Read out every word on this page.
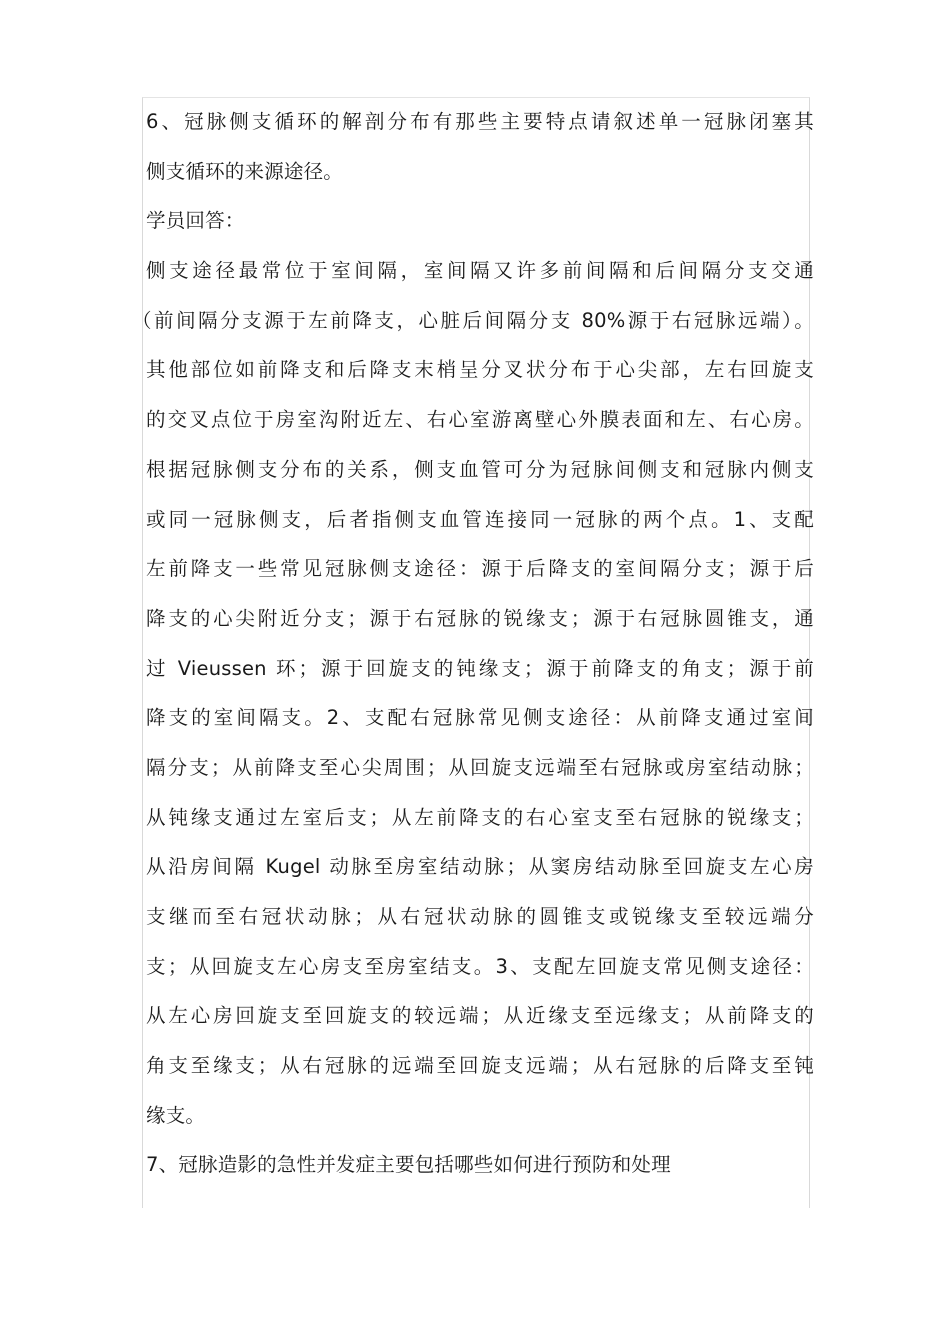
6、冠脉侧支循环的解剖分布有那些主要特点请叙述单一冠脉闭塞其
侧支循环的来源途径。
学员回答：
侧支途径最常位于室间隔，室间隔又许多前间隔和后间隔分支交通
（前间隔分支源于左前降支，心脏后间隔分支 80%源于右冠脉远端）。
其他部位如前降支和后降支末梢呈分叉状分布于心尖部，左右回旋支
的交叉点位于房室沟附近左、右心室游离壁心外膜表面和左、右心房。
根据冠脉侧支分布的关系，侧支血管可分为冠脉间侧支和冠脉内侧支
或同一冠脉侧支，后者指侧支血管连接同一冠脉的两个点。1、支配
左前降支一些常见冠脉侧支途径：源于后降支的室间隔分支；源于后
降支的心尖附近分支；源于右冠脉的锐缘支；源于右冠脉圆锥支，通
过 Vieussen 环；源于回旋支的钝缘支；源于前降支的角支；源于前
降支的室间隔支。2、支配右冠脉常见侧支途径：从前降支通过室间
隔分支；从前降支至心尖周围；从回旋支远端至右冠脉或房室结动脉；
从钝缘支通过左室后支；从左前降支的右心室支至右冠脉的锐缘支；
从沿房间隔 Kugel 动脉至房室结动脉；从窦房结动脉至回旋支左心房
支继而至右冠状动脉；从右冠状动脉的圆锥支或锐缘支至较远端分
支；从回旋支左心房支至房室结支。3、支配左回旋支常见侧支途径：
从左心房回旋支至回旋支的较远端；从近缘支至远缘支；从前降支的
角支至缘支；从右冠脉的远端至回旋支远端；从右冠脉的后降支至钝
缘支。
7、冠脉造影的急性并发症主要包括哪些如何进行预防和处理
